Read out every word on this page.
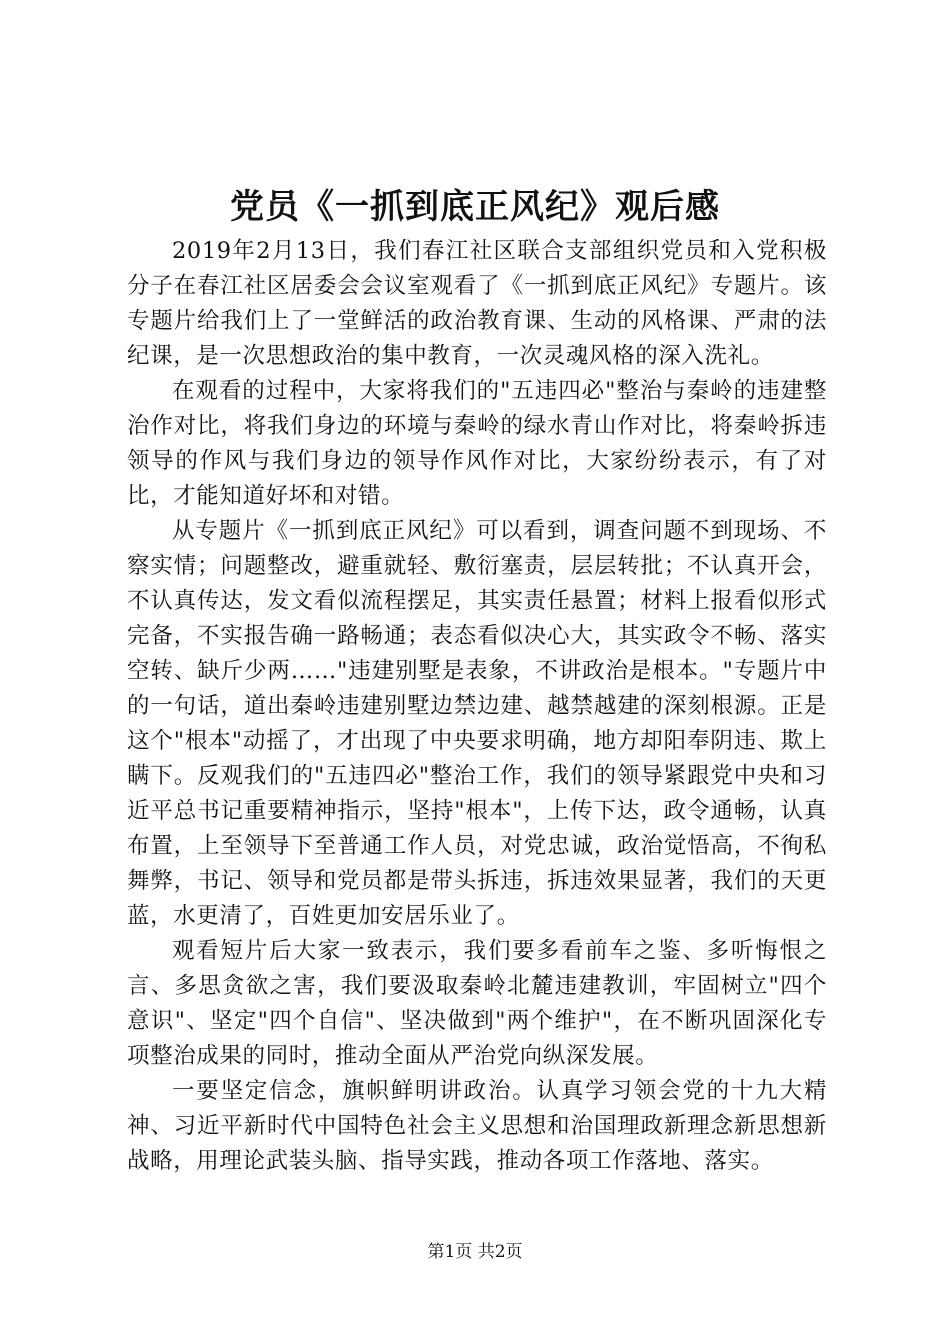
党员《一抓到底正风纪》观后感

2019年2月13日，我们春江社区联合支部组织党员和入党积极分子在春江社区居委会会议室观看了《一抓到底正风纪》专题片。该专题片给我们上了一堂鲜活的政治教育课、生动的风格课、严肃的法纪课，是一次思想政治的集中教育，一次灵魂风格的深入洗礼。

在观看的过程中，大家将我们的"五违四必"整治与秦岭的违建整治作对比，将我们身边的环境与秦岭的绿水青山作对比，将秦岭拆违领导的作风与我们身边的领导作风作对比，大家纷纷表示，有了对比，才能知道好坏和对错。

从专题片《一抓到底正风纪》可以看到，调查问题不到现场、不察实情；问题整改，避重就轻、敷衍塞责，层层转批；不认真开会，不认真传达，发文看似流程摆足，其实责任悬置；材料上报看似形式完备，不实报告确一路畅通；表态看似决心大，其实政令不畅、落实空转、缺斤少两……"违建别墅是表象，不讲政治是根本。"专题片中的一句话，道出秦岭违建别墅边禁边建、越禁越建的深刻根源。正是这个"根本"动摇了，才出现了中央要求明确，地方却阳奉阴违、欺上瞒下。反观我们的"五违四必"整治工作，我们的领导紧跟党中央和习近平总书记重要精神指示，坚持"根本"，上传下达，政令通畅，认真布置，上至领导下至普通工作人员，对党忠诚，政治觉悟高，不徇私舞弊，书记、领导和党员都是带头拆违，拆违效果显著，我们的天更蓝，水更清了，百姓更加安居乐业了。

观看短片后大家一致表示，我们要多看前车之鉴、多听悔恨之言、多思贪欲之害，我们要汲取秦岭北麓违建教训，牢固树立"四个意识"、坚定"四个自信"、坚决做到"两个维护"，在不断巩固深化专项整治成果的同时，推动全面从严治党向纵深发展。

一要坚定信念，旗帜鲜明讲政治。认真学习领会党的十九大精神、习近平新时代中国特色社会主义思想和治国理政新理念新思想新战略，用理论武装头脑、指导实践，推动各项工作落地、落实。

第1页 共2页
